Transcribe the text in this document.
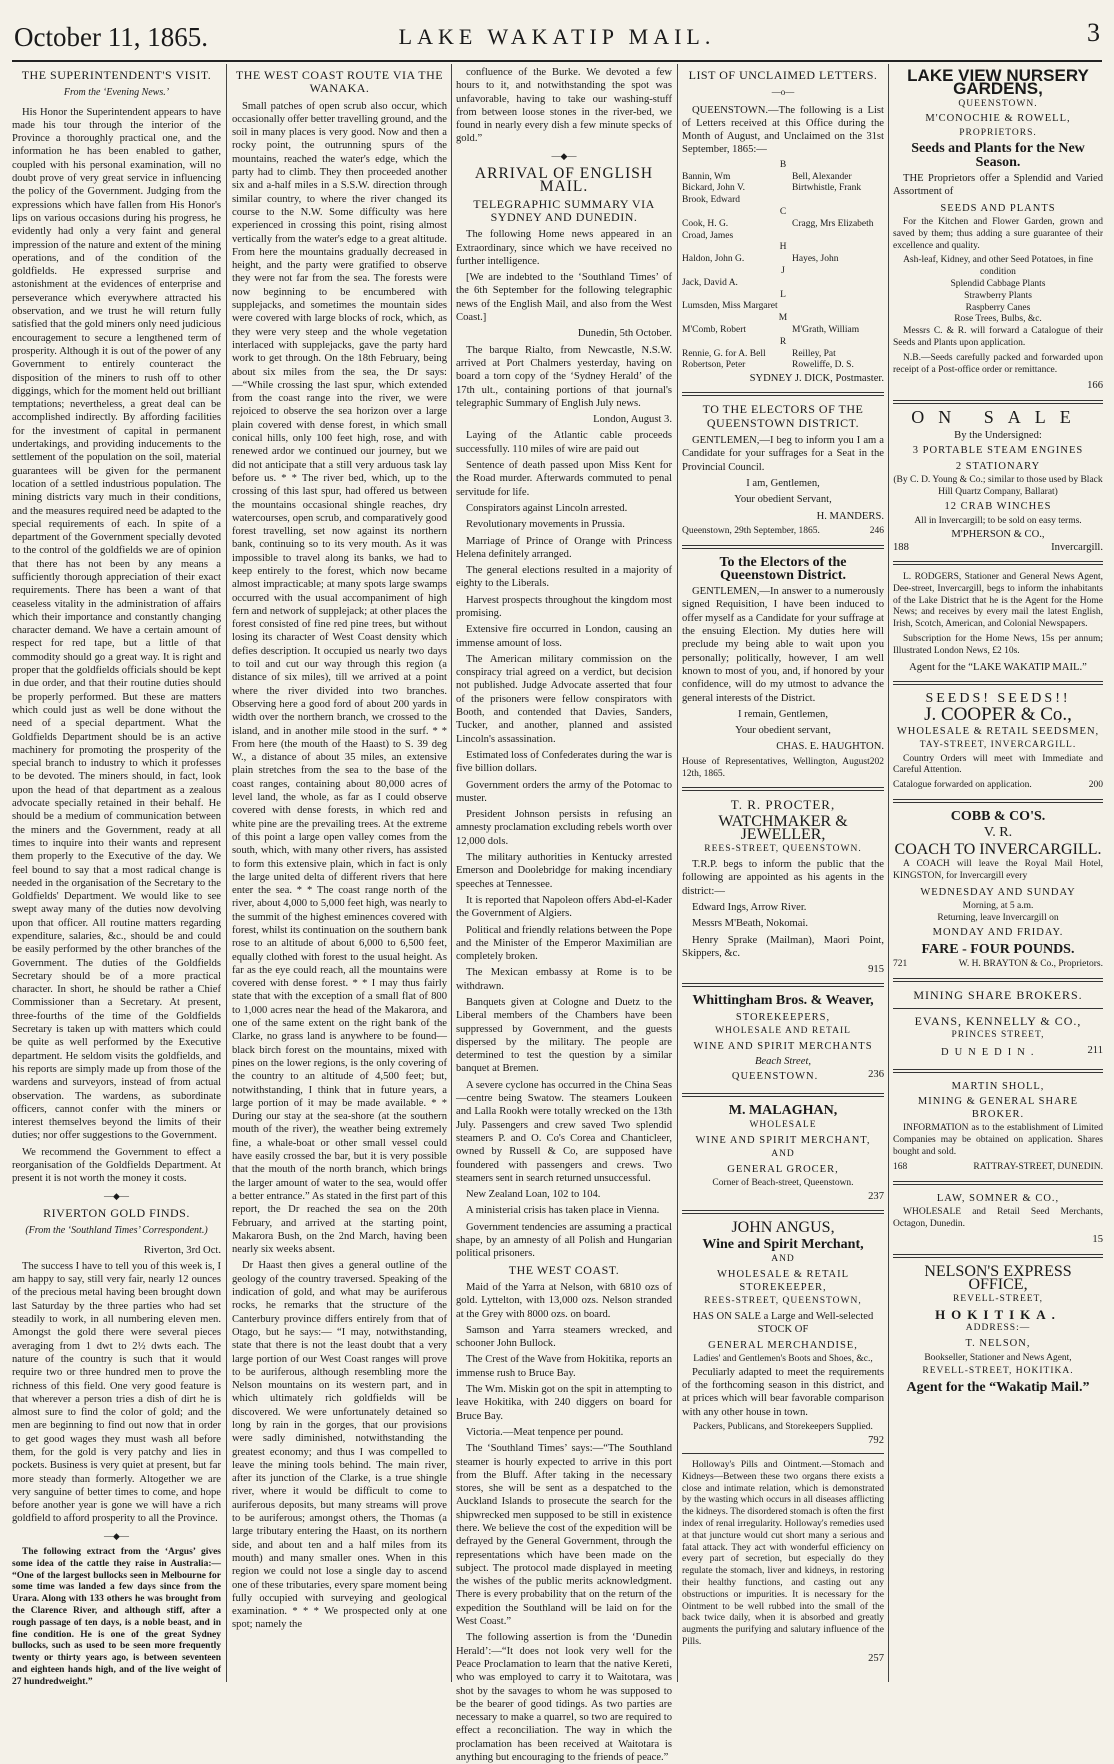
October 11, 1865.	LAKE WAKATIP MAIL.	3
THE SUPERINTENDENT'S VISIT.
From the ‘Evening News.’

His Honor the Superintendent appears to have made his tour through the interior of the Province a thoroughly practical one, and the information he has been enabled to gather, coupled with his personal examination, will no doubt prove of very great service in influencing the policy of the Government. Judging from the expressions which have fallen from His Honor's lips on various occasions during his progress, he evidently had only a very faint and general impression of the nature and extent of the mining operations, and of the condition of the goldfields. He expressed surprise and astonishment at the evidences of enterprise and perseverance which everywhere attracted his observation, and we trust he will return fully satisfied that the gold miners only need judicious encouragement to secure a lengthened term of prosperity. Although it is out of the power of any Government to entirely counteract the disposition of the miners to rush off to other diggings, which for the moment held out brilliant temptations; nevertheless, a great deal can be accomplished indirectly. By affording facilities for the investment of capital in permanent undertakings, and providing inducements to the settlement of the population on the soil, material guarantees will be given for the permanent location of a settled industrious population. The mining districts vary much in their conditions, and the measures required need be adapted to the special requirements of each. In spite of a department of the Government specially devoted to the control of the goldfields we are of opinion that there has not been by any means a sufficiently thorough appreciation of their exact requirements. There has been a want of that ceaseless vitality in the administration of affairs which their importance and constantly changing character demand. We have a certain amount of respect for red tape, but a little of that commodity should go a great way. It is right and proper that the goldfields officials should be kept in due order, and that their routine duties should be properly performed. But these are matters which could just as well be done without the need of a special department. What the Goldfields Department should be is an active machinery for promoting the prosperity of the special branch to industry to which it professes to be devoted. The miners should, in fact, look upon the head of that department as a zealous advocate specially retained in their behalf. He should be a medium of communication between the miners and the Government, ready at all times to inquire into their wants and represent them properly to the Executive of the day. We feel bound to say that a most radical change is needed in the organisation of the Secretary to the Goldfields' Department. We would like to see swept away many of the duties now devolving upon that officer. All routine matters regarding expenditure, salaries, &c., should be and could be easily performed by the other branches of the Government. The duties of the Goldfields Secretary should be of a more practical character. In short, he should be rather a Chief Commissioner than a Secretary. At present, three-fourths of the time of the Goldfields Secretary is taken up with matters which could be quite as well performed by the Executive department. He seldom visits the goldfields, and his reports are simply made up from those of the wardens and surveyors, instead of from actual observation. The wardens, as subordinate officers, cannot confer with the miners or interest themselves beyond the limits of their duties; nor offer suggestions to the Government.

We recommend the Government to effect a reorganisation of the Goldfields Department. At present it is not worth the money it costs.

—◆—
RIVERTON GOLD FINDS.
(From the ‘Southland Times’ Correspondent.)

Riverton, 3rd Oct.

The success I have to tell you of this week is, I am happy to say, still very fair, nearly 12 ounces of the precious metal having been brought down last Saturday by the three parties who had set steadily to work, in all numbering eleven men. Amongst the gold there were several pieces averaging from 1 dwt to 2½ dwts each. The nature of the country is such that it would require two or three hundred men to prove the richness of this field. One very good feature is that wherever a person tries a dish of dirt he is almost sure to find the color of gold; and the men are beginning to find out now that in order to get good wages they must wash all before them, for the gold is very patchy and lies in pockets. Business is very quiet at present, but far more steady than formerly. Altogether we are very sanguine of better times to come, and hope before another year is gone we will have a rich goldfield to afford prosperity to all the Province.

—◆—

The following extract from the ‘Argus’ gives some idea of the cattle they raise in Australia:— “One of the largest bullocks seen in Melbourne for some time was landed a few days since from the Urara. Along with 133 others he was brought from the Clarence River, and although stiff, after a rough passage of ten days, is a noble beast, and in fine condition. He is one of the great Sydney bullocks, such as used to be seen more frequently twenty or thirty years ago, is between seventeen and eighteen hands high, and of the live weight of 27 hundredweight.”

THE WEST COAST ROUTE VIA THE WANAKA.

Small patches of open scrub also occur, which occasionally offer better travelling ground, and the soil in many places is very good. Now and then a rocky point, the outrunning spurs of the mountains, reached the water's edge, which the party had to climb. They then proceeded another six and a-half miles in a S.S.W. direction through similar country, to where the river changed its course to the N.W. Some difficulty was here experienced in crossing this point, rising almost vertically from the water's edge to a great altitude. From here the mountains gradually decreased in height, and the party were gratified to observe they were not far from the sea. The forests were now beginning to be encumbered with supplejacks, and sometimes the mountain sides were covered with large blocks of rock, which, as they were very steep and the whole vegetation interlaced with supplejacks, gave the party hard work to get through. On the 18th February, being about six miles from the sea, the Dr says:—“While crossing the last spur, which extended from the coast range into the river, we were rejoiced to observe the sea horizon over a large plain covered with dense forest, in which small conical hills, only 100 feet high, rose, and with renewed ardor we continued our journey, but we did not anticipate that a still very arduous task lay before us. * * The river bed, which, up to the crossing of this last spur, had offered us between the mountains occasional shingle reaches, dry watercourses, open scrub, and comparatively good forest travelling, set now against its northern bank, continuing so to its very mouth. As it was impossible to travel along its banks, we had to keep entirely to the forest, which now became almost impracticable; at many spots large swamps occurred with the usual accompaniment of high fern and network of supplejack; at other places the forest consisted of fine red pine trees, but without losing its character of West Coast density which defies description. It occupied us nearly two days to toil and cut our way through this region (a distance of six miles), till we arrived at a point where the river divided into two branches. Observing here a good ford of about 200 yards in width over the northern branch, we crossed to the island, and in another mile stood in the surf. * * From here (the mouth of the Haast) to S. 39 deg W., a distance of about 35 miles, an extensive plain stretches from the sea to the base of the coast ranges, containing about 80,000 acres of level land, the whole, as far as I could observe covered with dense forests, in which red and white pine are the prevailing trees. At the extreme of this point a large open valley comes from the south, which, with many other rivers, has assisted to form this extensive plain, which in fact is only the large united delta of different rivers that here enter the sea. * * The coast range north of the river, about 4,000 to 5,000 feet high, was nearly to the summit of the highest eminences covered with forest, whilst its continuation on the southern bank rose to an altitude of about 6,000 to 6,500 feet, equally clothed with forest to the usual height. As far as the eye could reach, all the mountains were covered with dense forest. * * I may thus fairly state that with the exception of a small flat of 800 to 1,000 acres near the head of the Makarora, and one of the same extent on the right bank of the Clarke, no grass land is anywhere to be found—black birch forest on the mountains, mixed with pines on the lower regions, is the only covering of the country to an altitude of 4,500 feet; but, notwithstanding, I think that in future years, a large portion of it may be made available. * * During our stay at the sea-shore (at the southern mouth of the river), the weather being extremely fine, a whale-boat or other small vessel could have easily crossed the bar, but it is very possible that the mouth of the north branch, which brings the larger amount of water to the sea, would offer a better entrance.” As stated in the first part of this report, the Dr reached the sea on the 20th February, and arrived at the starting point, Makarora Bush, on the 2nd March, having been nearly six weeks absent.

Dr Haast then gives a general outline of the geology of the country traversed. Speaking of the indication of gold, and what may be auriferous rocks, he remarks that the structure of the Canterbury province differs entirely from that of Otago, but he says:— “I may, notwithstanding, state that there is not the least doubt that a very large portion of our West Coast ranges will prove to be auriferous, although resembling more the Nelson mountains on its western part, and in which ultimately rich goldfields will be discovered. We were unfortunately detained so long by rain in the gorges, that our provisions were sadly diminished, notwithstanding the greatest economy; and thus I was compelled to leave the mining tools behind. The main river, after its junction of the Clarke, is a true shingle river, where it would be difficult to come to auriferous deposits, but many streams will prove to be auriferous; amongst others, the Thomas (a large tributary entering the Haast, on its northern side, and about ten and a half miles from its mouth) and many smaller ones. When in this region we could not lose a single day to ascend one of these tributaries, every spare moment being fully occupied with surveying and geological examination. * * * We prospected only at one spot; namely the

confluence of the Burke. We devoted a few hours to it, and notwithstanding the spot was unfavorable, having to take our washing-stuff from between loose stones in the river-bed, we found in nearly every dish a few minute specks of gold.”

—◆—
ARRIVAL OF ENGLISH MAIL.
TELEGRAPHIC SUMMARY VIA SYDNEY AND DUNEDIN.

The following Home news appeared in an Extraordinary, since which we have received no further intelligence.

[We are indebted to the ‘Southland Times’ of the 6th September for the following telegraphic news of the English Mail, and also from the West Coast.]

Dunedin, 5th October.

The barque Rialto, from Newcastle, N.S.W. arrived at Port Chalmers yesterday, having on board a torn copy of the ‘Sydney Herald’ of the 17th ult., containing portions of that journal's telegraphic Summary of English July news.

London, August 3.

Laying of the Atlantic cable proceeds successfully. 110 miles of wire are paid out

Sentence of death passed upon Miss Kent for the Road murder. Afterwards commuted to penal servitude for life.

Conspirators against Lincoln arrested.

Revolutionary movements in Prussia.

Marriage of Prince of Orange with Princess Helena definitely arranged.

The general elections resulted in a majority of eighty to the Liberals.

Harvest prospects throughout the kingdom most promising.

Extensive fire occurred in London, causing an immense amount of loss.

The American military commission on the conspiracy trial agreed on a verdict, but decision not published. Judge Advocate asserted that four of the prisoners were fellow conspirators with Booth, and contended that Davies, Sanders, Tucker, and another, planned and assisted Lincoln's assassination.

Estimated loss of Confederates during the war is five billion dollars.

Government orders the army of the Potomac to muster.

President Johnson persists in refusing an amnesty proclamation excluding rebels worth over 12,000 dols.

The military authorities in Kentucky arrested Emerson and Doolebridge for making incendiary speeches at Tennessee.

It is reported that Napoleon offers Abd-el-Kader the Government of Algiers.

Political and friendly relations between the Pope and the Minister of the Emperor Maximilian are completely broken.

The Mexican embassy at Rome is to be withdrawn.

Banquets given at Cologne and Duetz to the Liberal members of the Chambers have been suppressed by Government, and the guests dispersed by the military. The people are determined to test the question by a similar banquet at Bremen.

A severe cyclone has occurred in the China Seas—centre being Swatow. The steamers Loukeen and Lalla Rookh were totally wrecked on the 13th July. Passengers and crew saved Two splendid steamers P. and O. Co's Corea and Chanticleer, owned by Russell & Co, are supposed have foundered with passengers and crews. Two steamers sent in search returned unsuccessful.

New Zealand Loan, 102 to 104.

A ministerial crisis has taken place in Vienna.

Government tendencies are assuming a practical shape, by an amnesty of all Polish and Hungarian political prisoners.

THE WEST COAST.

Maid of the Yarra at Nelson, with 6810 ozs of gold. Lyttelton, with 13,000 ozs. Nelson stranded at the Grey with 8000 ozs. on board.

Samson and Yarra steamers wrecked, and schooner John Bullock.

The Crest of the Wave from Hokitika, reports an immense rush to Bruce Bay.

The Wm. Miskin got on the spit in attempting to leave Hokitika, with 240 diggers on board for Bruce Bay.

Victoria.—Meat tenpence per pound.

The ‘Southland Times’ says:—“The Southland steamer is hourly expected to arrive in this port from the Bluff. After taking in the necessary stores, she will be sent as a despatched to the Auckland Islands to prosecute the search for the shipwrecked men supposed to be still in existence there. We believe the cost of the expedition will be defrayed by the General Government, through the representations which have been made on the subject. The protocol made displayed in meeting the wishes of the public merits acknowledgment. There is every probability that on the return of the expedition the Southland will be laid on for the West Coast.”

The following assertion is from the ‘Dunedin Herald’:—“It does not look very well for the Peace Proclamation to learn that the native Kereti, who was employed to carry it to Waitotara, was shot by the savages to whom he was supposed to be the bearer of good tidings. As two parties are necessary to make a quarrel, so two are required to effect a reconciliation. The way in which the proclamation has been received at Waitotara is anything but encouraging to the friends of peace.”

LIST OF UNCLAIMED LETTERS.
—o—

QUEENSTOWN.—The following is a List of Letters received at this Office during the Month of August, and Unclaimed on the 31st September, 1865:—

B
Bannin, Wm	Bell, Alexander
Bickard, John V.	Birtwhistle, Frank
Brook, Edward
C
Cook, H. G.	Cragg, Mrs Elizabeth
Croad, James
H
Haldon, John G.	Hayes, John
J
Jack, David A.
L
Lumsden, Miss Margaret
M
M'Comb, Robert	M'Grath, William
R
Rennie, G. for A. Bell	Reilley, Pat
Robertson, Peter	Roweliffe, D. S.

SYDNEY J. DICK, Postmaster.

TO THE ELECTORS OF THE QUEENSTOWN DISTRICT.

GENTLEMEN,—I beg to inform you I am a Candidate for your suffrages for a Seat in the Provincial Council.

I am, Gentlemen,

Your obedient Servant,

H. MANDERS.

Queenstown, 29th September, 1865.	246
To the Electors of the Queenstown District.

GENTLEMEN,—In answer to a numerously signed Requisition, I have been induced to offer myself as a Candidate for your suffrage at the ensuing Election. My duties here will preclude my being able to wait upon you personally; politically, however, I am well known to most of you, and, if honored by your confidence, will do my utmost to advance the general interests of the District.

I remain, Gentlemen,

Your obedient servant,

CHAS. E. HAUGHTON.

House of Representatives, Wellington, August 12th, 1865.
202
T. R. PROCTER,
WATCHMAKER & JEWELLER,
REES-STREET, QUEENSTOWN.

T.R.P. begs to inform the public that the following are appointed as his agents in the district:—

Edward Ings, Arrow River.

Messrs M'Beath, Nokomai.

Henry Sprake (Mailman), Maori Point, Skippers, &c.

915

Whittingham Bros. & Weaver,
STOREKEEPERS,
WHOLESALE AND RETAIL
WINE AND SPIRIT MERCHANTS
Beach Street,
QUEENSTOWN.	236
M. MALAGHAN,
WHOLESALE
WINE AND SPIRIT MERCHANT,
AND
GENERAL GROCER,
Corner of Beach-street, Queenstown.

237

JOHN ANGUS,
Wine and Spirit Merchant,
AND
WHOLESALE & RETAIL STOREKEEPER,
REES-STREET, QUEENSTOWN,
HAS ON SALE a Large and Well-selected STOCK OF
GENERAL MERCHANDISE,
Ladies' and Gentlemen's Boots and Shoes, &c.,

Peculiarly adapted to meet the requirements of the forthcoming season in this district, and at prices which will bear favorable comparison with any other house in town.

Packers, Publicans, and Storekeepers Supplied.

792

Holloway's Pills and Ointment.—Stomach and Kidneys—Between these two organs there exists a close and intimate relation, which is demonstrated by the wasting which occurs in all diseases afflicting the kidneys. The disordered stomach is often the first index of renal irregularity. Holloway's remedies used at that juncture would cut short many a serious and fatal attack. They act with wonderful efficiency on every part of secretion, but especially do they regulate the stomach, liver and kidneys, in restoring their healthy functions, and casting out any obstructions or impurities. It is necessary for the Ointment to be well rubbed into the small of the back twice daily, when it is absorbed and greatly augments the purifying and salutary influence of the Pills.

257

LAKE VIEW NURSERY GARDENS,
QUEENSTOWN.
M'CONOCHIE & ROWELL,
PROPRIETORS.
Seeds and Plants for the New Season.

THE Proprietors offer a Splendid and Varied Assortment of

SEEDS AND PLANTS

For the Kitchen and Flower Garden, grown and saved by them; thus adding a sure guarantee of their excellence and quality.

Ash-leaf, Kidney, and other Seed Potatoes, in fine condition
Splendid Cabbage Plants
Strawberry Plants
Raspberry Canes
Rose Trees, Bulbs, &c.

Messrs C. & R. will forward a Catalogue of their Seeds and Plants upon application.

N.B.—Seeds carefully packed and forwarded upon receipt of a Post-office order or remittance.

166

ON SALE
By the Undersigned:
3 PORTABLE STEAM ENGINES
2 STATIONARY
(By C. D. Young & Co.; similar to those used by Black Hill Quartz Company, Ballarat)
12 CRAB WINCHES
All in Invercargill; to be sold on easy terms.
M'PHERSON & CO.,
188	Invercargill.

L. RODGERS, Stationer and General News Agent, Dee-street, Invercargill, begs to inform the inhabitants of the Lake District that he is the Agent for the Home News; and receives by every mail the latest English, Irish, Scotch, American, and Colonial Newspapers.

Subscription for the Home News, 15s per annum; Illustrated London News, £2 10s.

Agent for the “LAKE WAKATIP MAIL.”
SEEDS! SEEDS!!
J. COOPER & Co.,
WHOLESALE & RETAIL SEEDSMEN,
TAY-STREET, INVERCARGILL.

Country Orders will meet with Immediate and Careful Attention.

Catalogue forwarded on application.	200
COBB & CO'S.
V. R.
COACH TO INVERCARGILL.

A COACH will leave the Royal Mail Hotel, KINGSTON, for Invercargill every

WEDNESDAY AND SUNDAY
Morning, at 5 a.m.
Returning, leave Invercargill on
MONDAY AND FRIDAY.
FARE - FOUR POUNDS.
721	W. H. BRAYTON & Co., Proprietors.
MINING SHARE BROKERS.
EVANS, KENNELLY & CO.,
PRINCES STREET,
DUNEDIN.	211
MARTIN SHOLL,
MINING & GENERAL SHARE BROKER.

INFORMATION as to the establishment of Limited Companies may be obtained on application. Shares bought and sold.

168	RATTRAY-STREET, DUNEDIN.
LAW, SOMNER & CO.,

WHOLESALE and Retail Seed Merchants, Octagon, Dunedin.

15

NELSON'S EXPRESS OFFICE,
REVELL-STREET,
HOKITIKA.
ADDRESS:—
T. NELSON,
Bookseller, Stationer and News Agent,
REVELL-STREET, HOKITIKA.
Agent for the “Wakatip Mail.”
